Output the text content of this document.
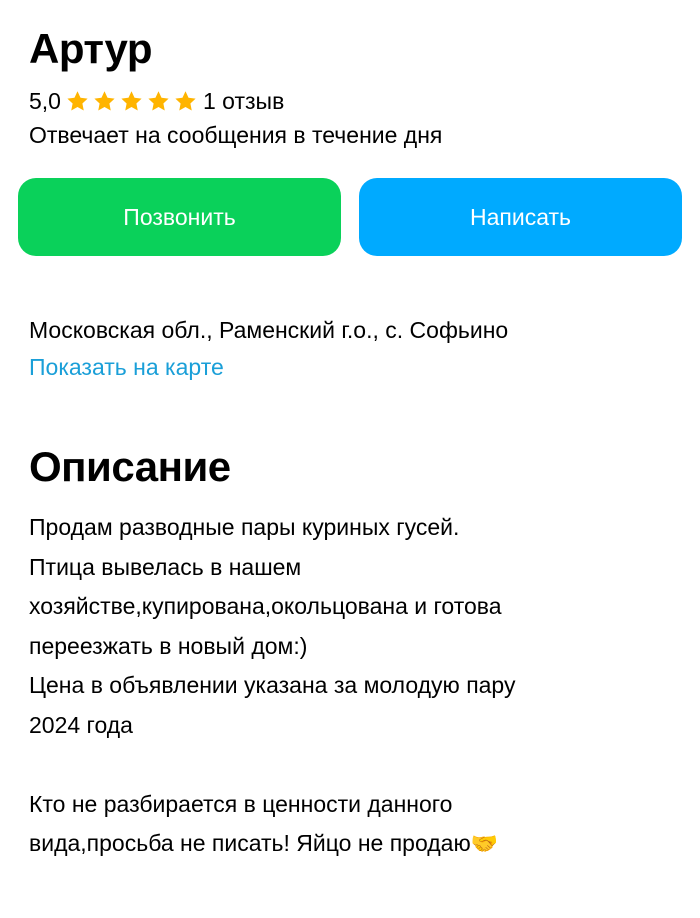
Артур
5,0	1 отзыв
Отвечает на сообщения в течение дня
Позвонить	Написать
Московская обл., Раменский г.о., с. Софьино
Показать на карте
Описание

Продам разводные пары куриных гусей.

Птица вывелась в нашем

хозяйстве,купирована,окольцована и готова

переезжать в новый дом:)

Цена в объявлении указана за молодую пару

2024 года

Кто не разбирается в ценности данного

вида,просьба не писать! Яйцо не продаю🤝
